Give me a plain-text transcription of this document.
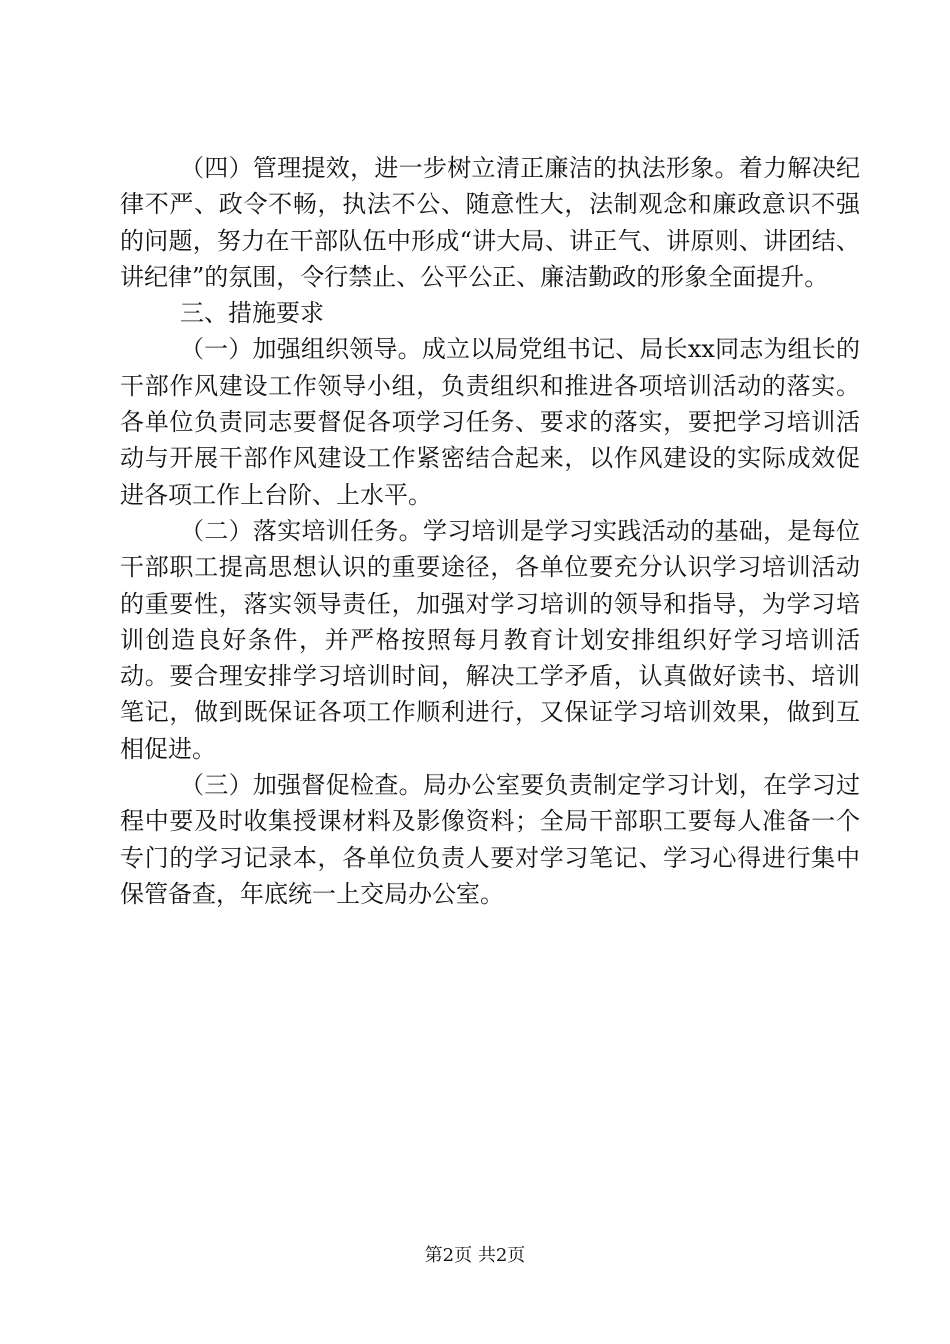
（四）管理提效，进一步树立清正廉洁的执法形象。着力解决纪律不严、政令不畅，执法不公、随意性大，法制观念和廉政意识不强的问题，努力在干部队伍中形成“讲大局、讲正气、讲原则、讲团结、讲纪律”的氛围，令行禁止、公平公正、廉洁勤政的形象全面提升。

三、措施要求

（一）加强组织领导。成立以局党组书记、局长xx同志为组长的干部作风建设工作领导小组，负责组织和推进各项培训活动的落实。各单位负责同志要督促各项学习任务、要求的落实，要把学习培训活动与开展干部作风建设工作紧密结合起来，以作风建设的实际成效促进各项工作上台阶、上水平。

（二）落实培训任务。学习培训是学习实践活动的基础，是每位干部职工提高思想认识的重要途径，各单位要充分认识学习培训活动的重要性，落实领导责任，加强对学习培训的领导和指导，为学习培训创造良好条件，并严格按照每月教育计划安排组织好学习培训活动。要合理安排学习培训时间，解决工学矛盾，认真做好读书、培训笔记，做到既保证各项工作顺利进行，又保证学习培训效果，做到互相促进。

（三）加强督促检查。局办公室要负责制定学习计划，在学习过程中要及时收集授课材料及影像资料；全局干部职工要每人准备一个专门的学习记录本，各单位负责人要对学习笔记、学习心得进行集中保管备查，年底统一上交局办公室。

第2页 共2页
